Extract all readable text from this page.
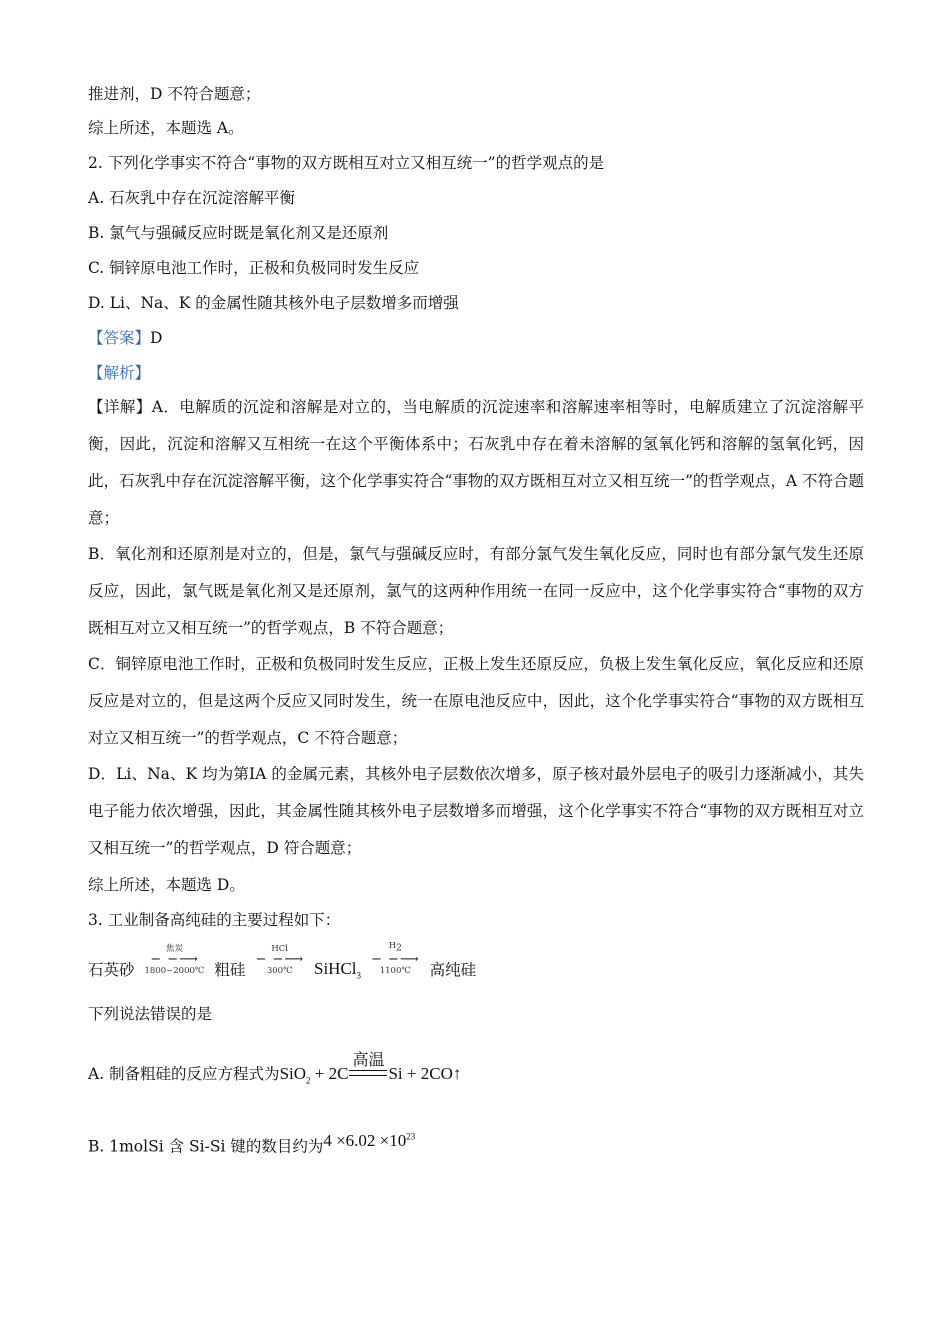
推进剂，D 不符合题意；
综上所述，本题选 A。
2. 下列化学事实不符合“事物的双方既相互对立又相互统一”的哲学观点的是
A. 石灰乳中存在沉淀溶解平衡
B. 氯气与强碱反应时既是氧化剂又是还原剂
C. 铜锌原电池工作时，正极和负极同时发生反应
D. Li、Na、K 的金属性随其核外电子层数增多而增强
【答案】D
【解析】
【详解】A．电解质的沉淀和溶解是对立的，当电解质的沉淀速率和溶解速率相等时，电解质建立了沉淀溶解平衡，因此，沉淀和溶解又互相统一在这个平衡体系中；石灰乳中存在着未溶解的氢氧化钙和溶解的氢氧化钙，因此，石灰乳中存在沉淀溶解平衡，这个化学事实符合“事物的双方既相互对立又相互统一”的哲学观点，A 不符合题意；
B．氧化剂和还原剂是对立的，但是，氯气与强碱反应时，有部分氯气发生氧化反应，同时也有部分氯气发生还原反应，因此，氯气既是氧化剂又是还原剂，氯气的这两种作用统一在同一反应中，这个化学事实符合“事物的双方既相互对立又相互统一”的哲学观点，B 不符合题意；
C．铜锌原电池工作时，正极和负极同时发生反应，正极上发生还原反应，负极上发生氧化反应，氧化反应和还原反应是对立的，但是这两个反应又同时发生，统一在原电池反应中，因此，这个化学事实符合“事物的双方既相互对立又相互统一”的哲学观点，C 不符合题意；
D．Li、Na、K 均为第ⅠA 的金属元素，其核外电子层数依次增多，原子核对最外层电子的吸引力逐渐减小，其失电子能力依次增强，因此，其金属性随其核外电子层数增多而增强，这个化学事实不符合“事物的双方既相互对立又相互统一”的哲学观点，D 符合题意；
综上所述，本题选 D。
3. 工业制备高纯硅的主要过程如下：
石英砂
焦炭
− −⟶
1800~2000℃ 粗硅
HCl
− −⟶
300℃ SiHCl$_3$
$H_2$
− −⟶
1100℃ 高纯硅
下列说法错误的是
A. 制备粗硅的反应方程式为SiO$_2$ + 2C
高温
Si + 2CO↑
B. 1molSi 含 Si-Si 键的数目约为$4 \times 6.02 \times 10^{23}$
